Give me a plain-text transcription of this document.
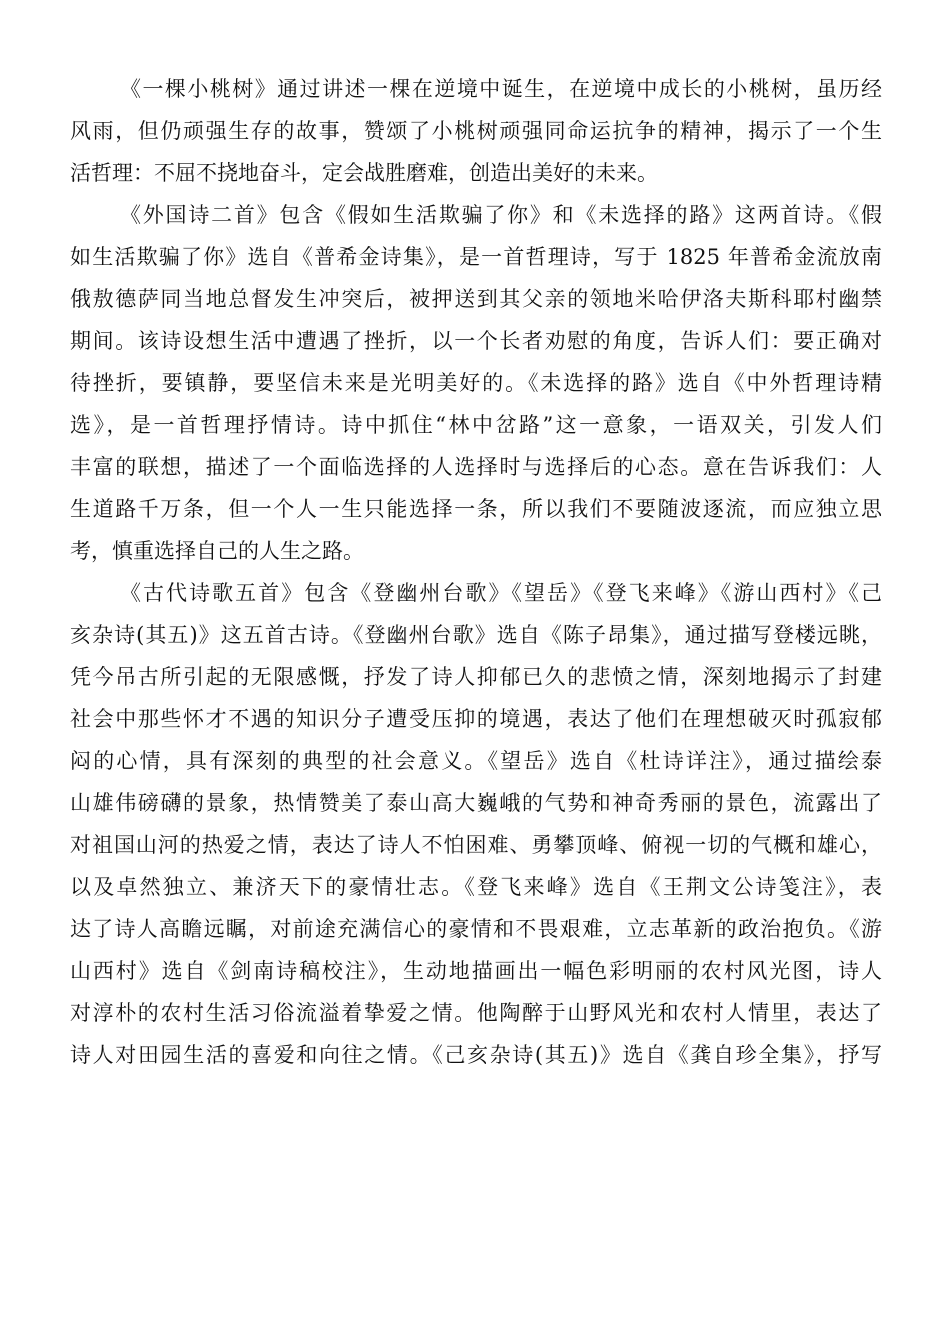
《一棵小桃树》通过讲述一棵在逆境中诞生，在逆境中成长的小桃树，虽历经
风雨，但仍顽强生存的故事，赞颂了小桃树顽强同命运抗争的精神，揭示了一个生
活哲理：不屈不挠地奋斗，定会战胜磨难，创造出美好的未来。
《外国诗二首》包含《假如生活欺骗了你》和《未选择的路》这两首诗。《假
如生活欺骗了你》选自《普希金诗集》，是一首哲理诗，写于 1825 年普希金流放南
俄敖德萨同当地总督发生冲突后，被押送到其父亲的领地米哈伊洛夫斯科耶村幽禁
期间。该诗设想生活中遭遇了挫折，以一个长者劝慰的角度，告诉人们：要正确对
待挫折，要镇静，要坚信未来是光明美好的。《未选择的路》选自《中外哲理诗精
选》，是一首哲理抒情诗。诗中抓住“林中岔路”这一意象，一语双关，引发人们
丰富的联想，描述了一个面临选择的人选择时与选择后的心态。意在告诉我们：人
生道路千万条，但一个人一生只能选择一条，所以我们不要随波逐流，而应独立思
考，慎重选择自己的人生之路。
《古代诗歌五首》包含《登幽州台歌》《望岳》《登飞来峰》《游山西村》《己
亥杂诗(其五)》这五首古诗。《登幽州台歌》选自《陈子昂集》，通过描写登楼远眺，
凭今吊古所引起的无限感慨，抒发了诗人抑郁已久的悲愤之情，深刻地揭示了封建
社会中那些怀才不遇的知识分子遭受压抑的境遇，表达了他们在理想破灭时孤寂郁
闷的心情，具有深刻的典型的社会意义。《望岳》选自《杜诗详注》，通过描绘泰
山雄伟磅礴的景象，热情赞美了泰山高大巍峨的气势和神奇秀丽的景色，流露出了
对祖国山河的热爱之情，表达了诗人不怕困难、勇攀顶峰、俯视一切的气概和雄心，
以及卓然独立、兼济天下的豪情壮志。《登飞来峰》选自《王荆文公诗笺注》，表
达了诗人高瞻远瞩，对前途充满信心的豪情和不畏艰难，立志革新的政治抱负。《游
山西村》选自《剑南诗稿校注》，生动地描画出一幅色彩明丽的农村风光图，诗人
对淳朴的农村生活习俗流溢着挚爱之情。他陶醉于山野风光和农村人情里，表达了
诗人对田园生活的喜爱和向往之情。《己亥杂诗(其五)》选自《龚自珍全集》，抒写
